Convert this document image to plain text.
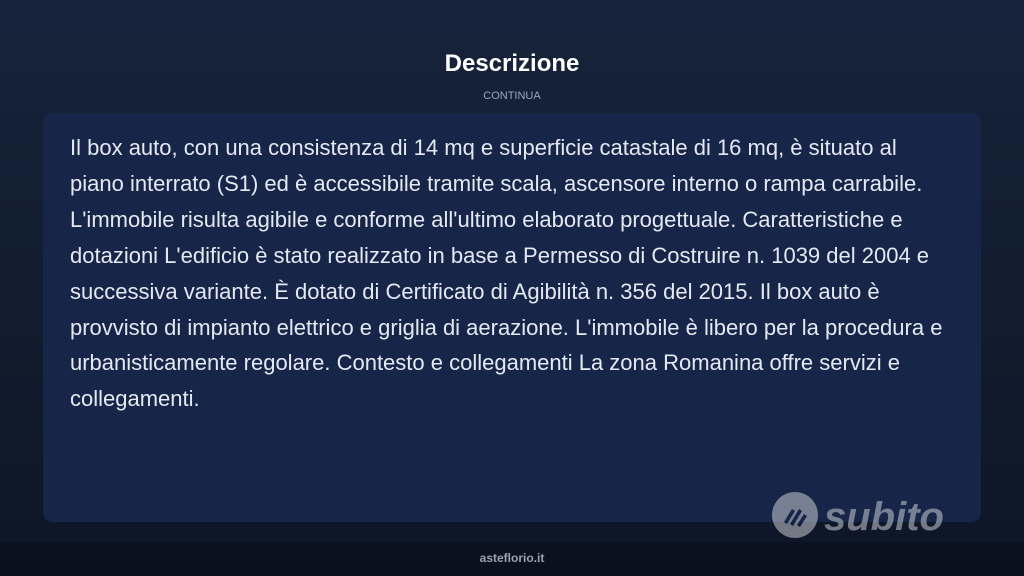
Descrizione
CONTINUA

Il box auto, con una consistenza di 14 mq e superficie catastale di 16 mq, è situato al piano interrato (S1) ed è accessibile tramite scala, ascensore interno o rampa carrabile. L'immobile risulta agibile e conforme all'ultimo elaborato progettuale. Caratteristiche e dotazioni L'edificio è stato realizzato in base a Permesso di Costruire n. 1039 del 2004 e successiva variante. È dotato di Certificato di Agibilità n. 356 del 2015. Il box auto è provvisto di impianto elettrico e griglia di aerazione. L'immobile è libero per la procedura e urbanisticamente regolare. Contesto e collegamenti La zona Romanina offre servizi e collegamenti.

subito
asteflorio.it
